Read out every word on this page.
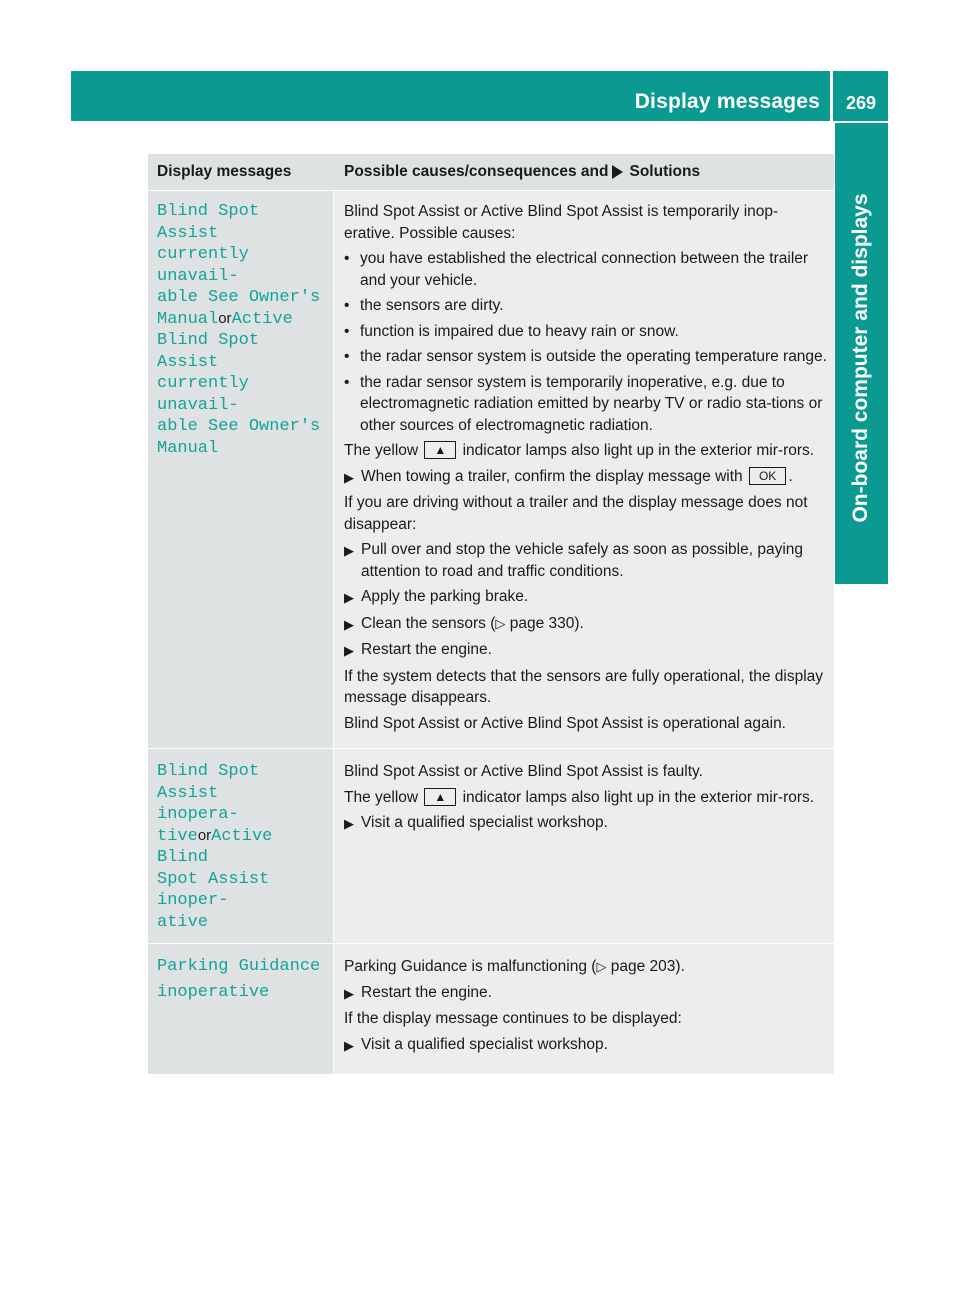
Display messages	269
On-board computer and displays
Display messages	Possible causes/consequences and Solutions
Blind Spot Assist
currently unavail‐
able See Owner's
ManualorActive
Blind Spot Assist
currently unavail‐
able See Owner's
Manual

Blind Spot Assist or Active Blind Spot Assist is temporarily inop-erative. Possible causes:

• you have established the electrical connection between the trailer and your vehicle.
• the sensors are dirty.
• function is impaired due to heavy rain or snow.
• the radar sensor system is outside the operating temperature range.
• the radar sensor system is temporarily inoperative, e.g. due to electromagnetic radiation emitted by nearby TV or radio sta-tions or other sources of electromagnetic radiation.

The yellow ▲ indicator lamps also light up in the exterior mir-rors.

▶ When towing a trailer, confirm the display message with OK .

If you are driving without a trailer and the display message does not disappear:

▶ Pull over and stop the vehicle safely as soon as possible, paying attention to road and traffic conditions.
▶ Apply the parking brake.
▶ Clean the sensors (▷ page 330).
▶ Restart the engine.

If the system detects that the sensors are fully operational, the display message disappears.

Blind Spot Assist or Active Blind Spot Assist is operational again.

Blind Spot Assist
inopera‐
tiveorActive Blind
Spot Assist inoper‐
ative

Blind Spot Assist or Active Blind Spot Assist is faulty.

The yellow ▲ indicator lamps also light up in the exterior mir-rors.

▶ Visit a qualified specialist workshop.
Parking Guidance
inoperative

Parking Guidance is malfunctioning (▷ page 203).

▶ Restart the engine.

If the display message continues to be displayed:

▶ Visit a qualified specialist workshop.
